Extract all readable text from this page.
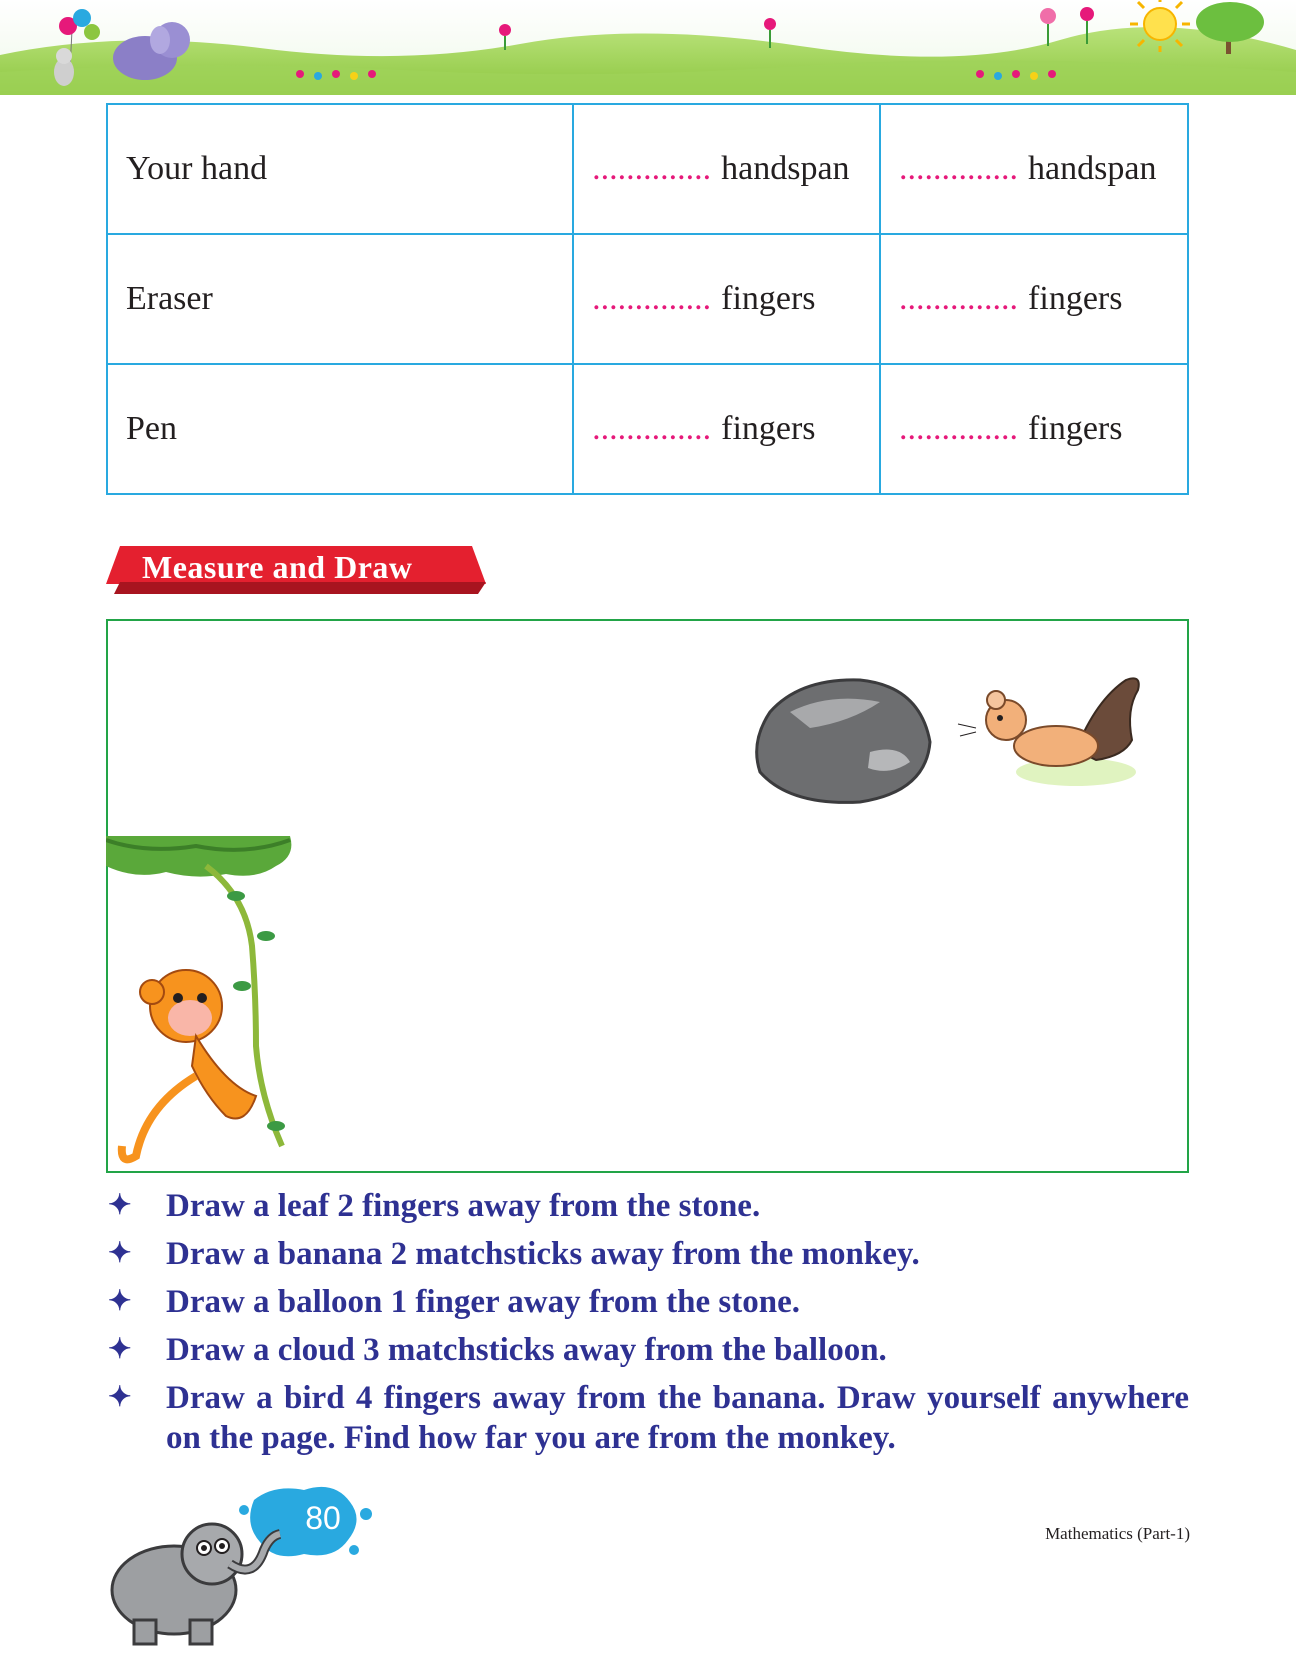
Your hand	.............. handspan	.............. handspan
Eraser	.............. fingers	.............. fingers
Pen	.............. fingers	.............. fingers
Measure and Draw
✦ Draw a leaf 2 fingers away from the stone.
✦ Draw a banana 2 matchsticks away from the monkey.
✦ Draw a balloon 1 finger away from the stone.
✦ Draw a cloud 3 matchsticks away from the balloon.
✦ Draw a bird 4 fingers away from the banana. Draw yourself anywhere on the page. Find how far you are from the monkey.
80	Mathematics (Part-1)
